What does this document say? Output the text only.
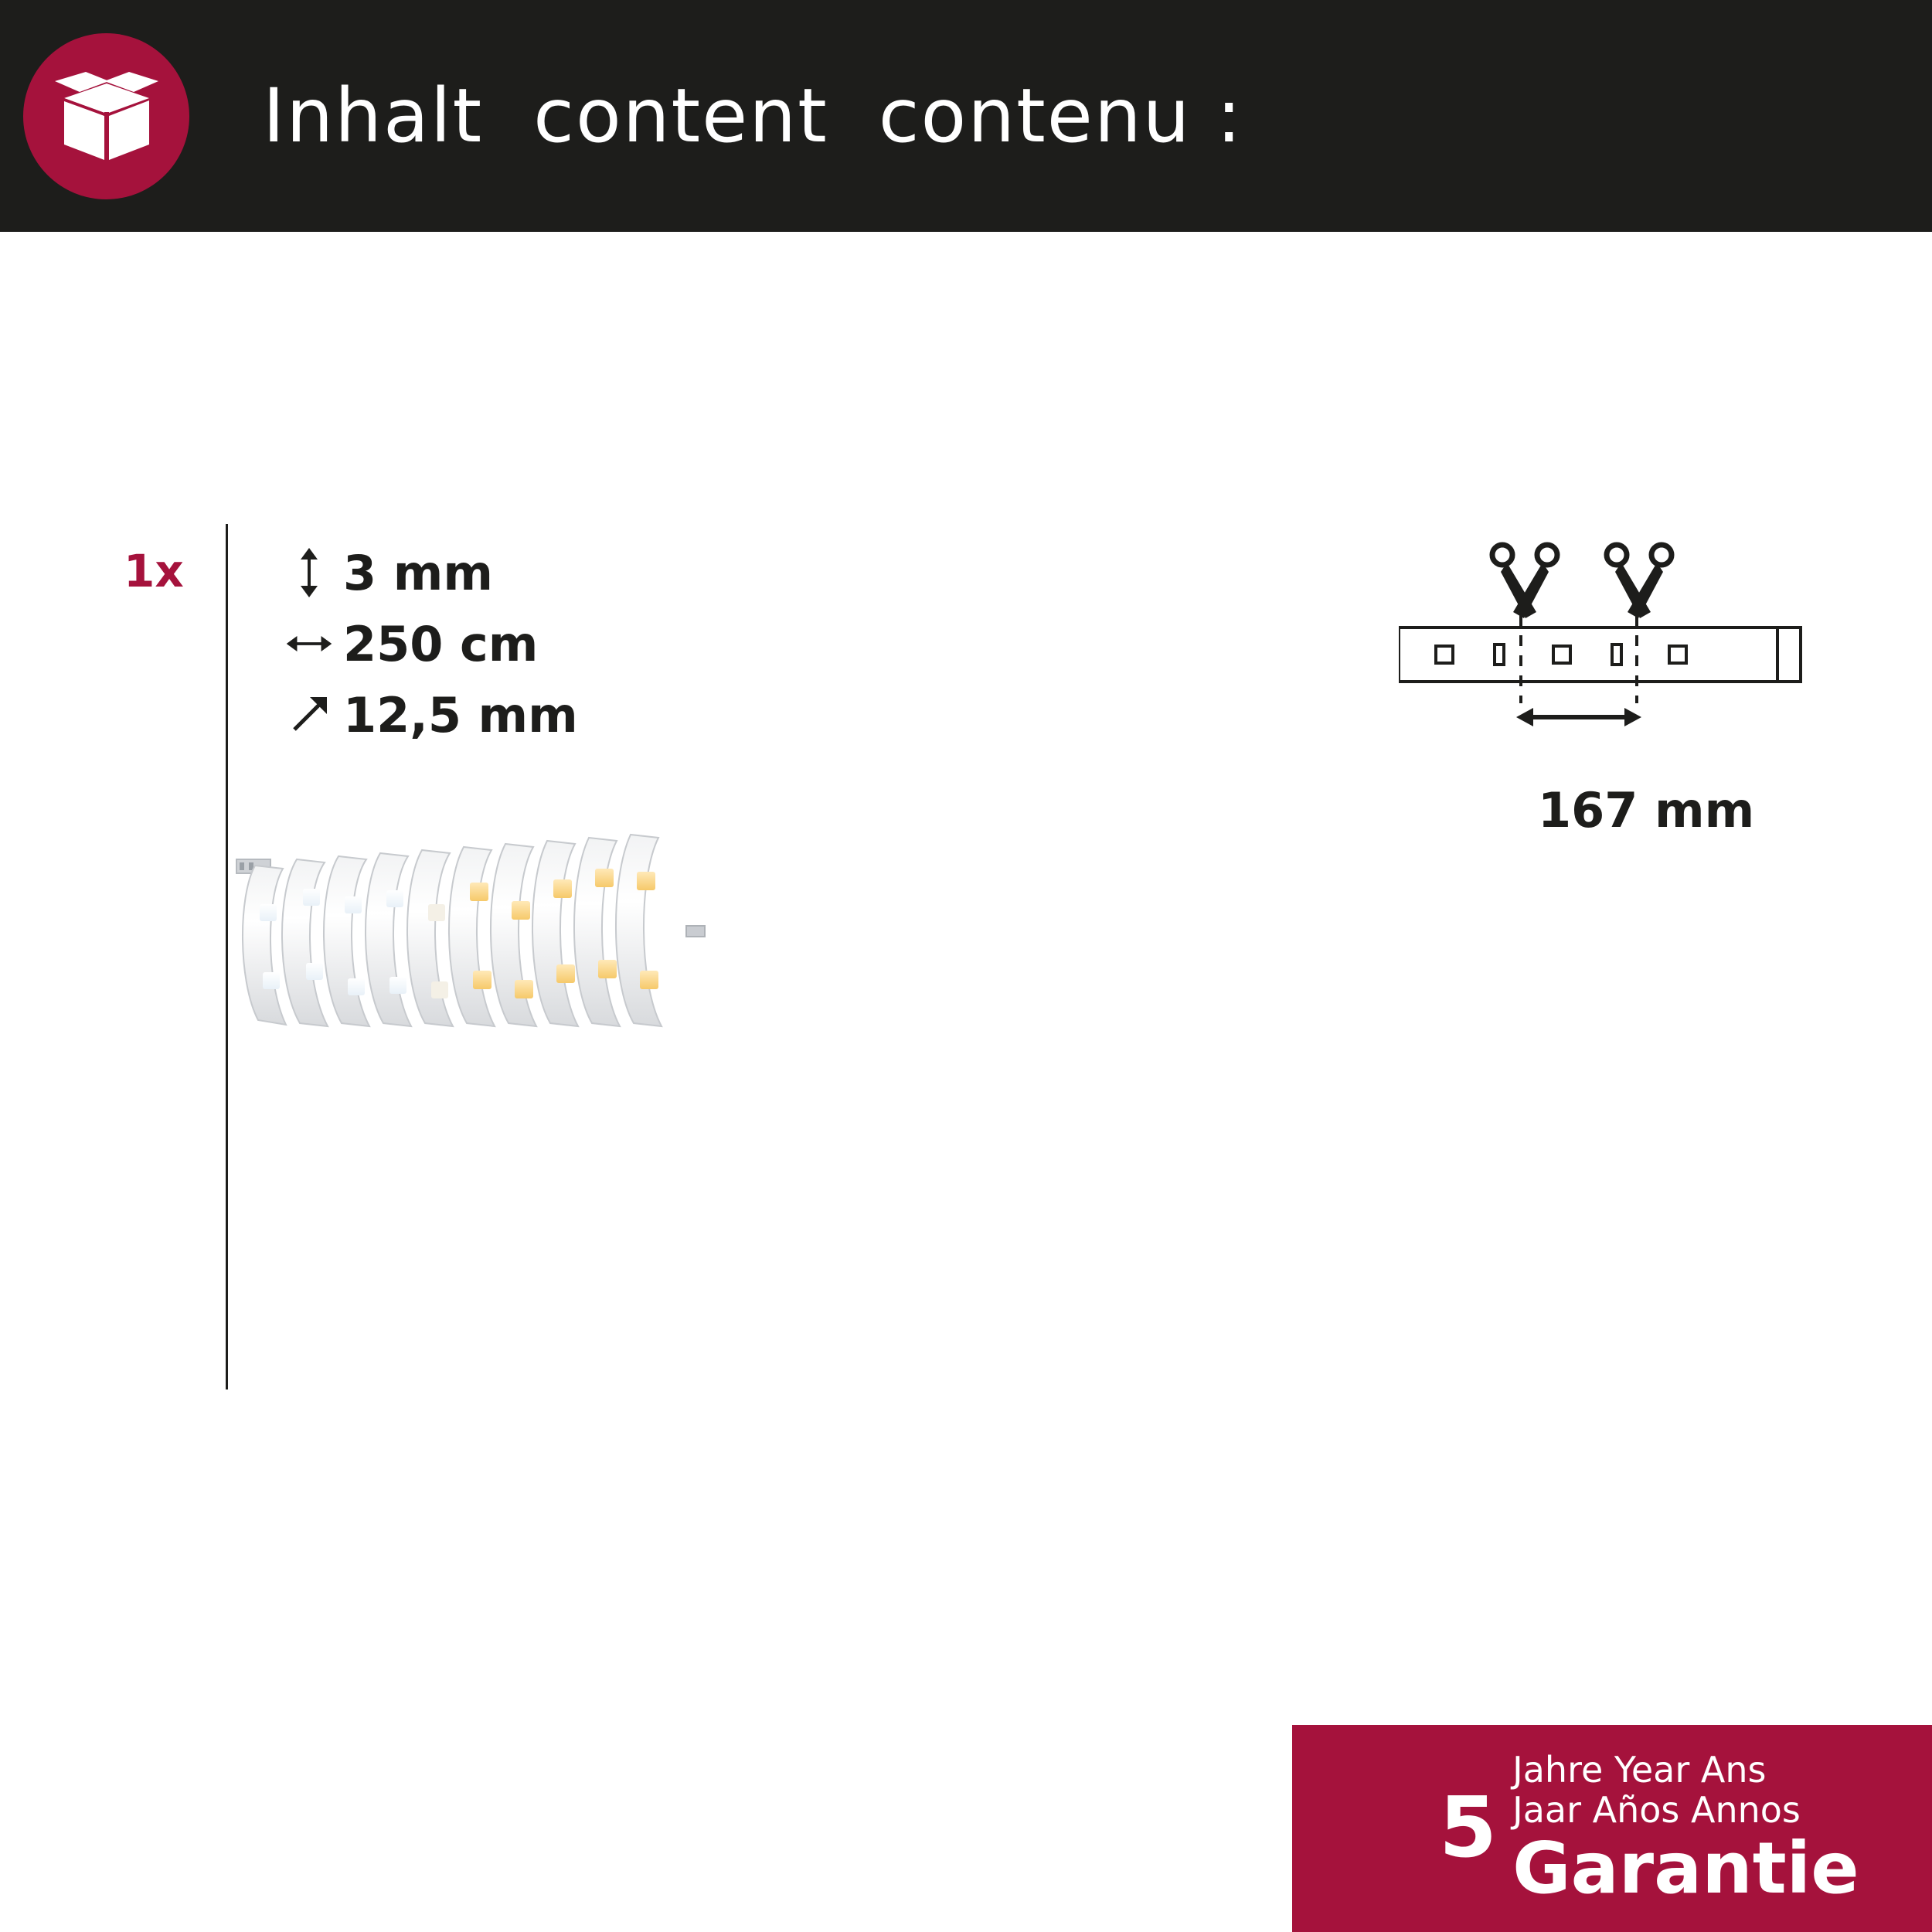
Inhalt  content  contenu :
1x	3 mm
250 cm
12,5 mm
167 mm
5
Jahre Year Ans
Jaar Años Annos
Garantie
